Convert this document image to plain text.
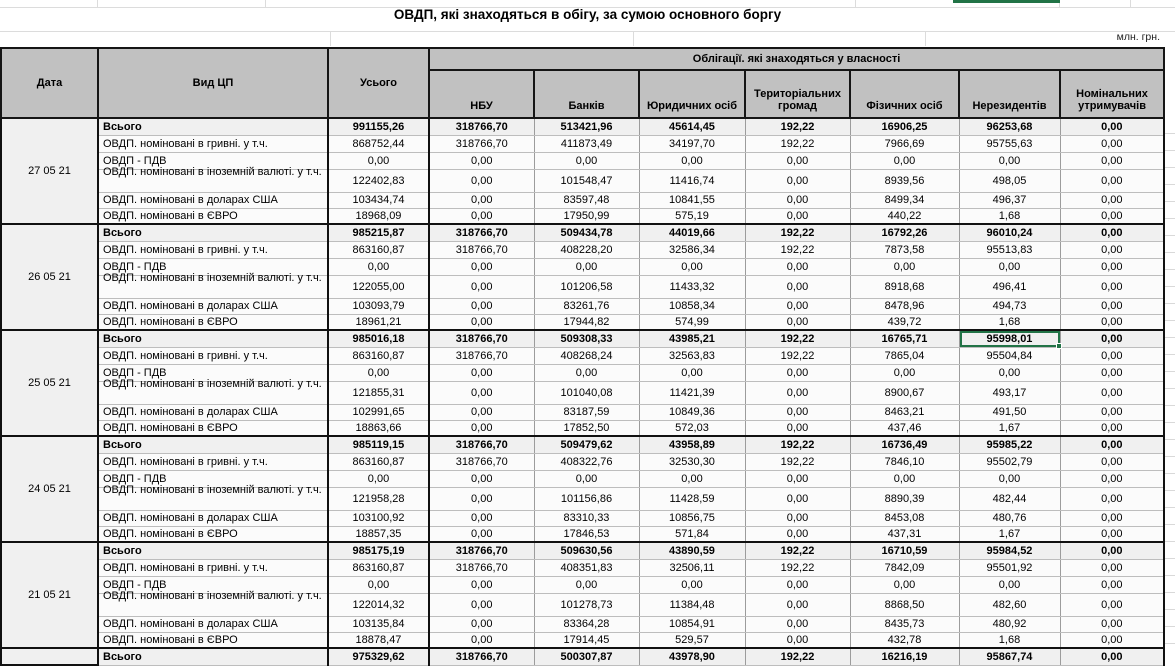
ОВДП, які знаходяться в обігу, за сумою основного боргу
млн. грн.
Дата	Вид ЦП	Усього	Облігації. які знаходяться у власності						
			НБУ	Банків	Юридичних осіб	Територіальних громад	Фізичних осіб	Нерезидентів	Номінальних утримувачів
27 05 21	Всього	991155,26	318766,70	513421,96	45614,45	192,22	16906,25	96253,68	0,00
	ОВДП. номіновані в гривні. у т.ч.	868752,44	318766,70	411873,49	34197,70	192,22	7966,69	95755,63	0,00
	ОВДП - ПДВ	0,00	0,00	0,00	0,00	0,00	0,00	0,00	0,00

	ОВДП. номіновані в іноземній валюті. у т.ч.	122402,83	0,00	101548,47	11416,74	0,00	8939,56	498,05	0,00
	ОВДП. номіновані в доларах США	103434,74	0,00	83597,48	10841,55	0,00	8499,34	496,37	0,00
	ОВДП. номіновані в ЄВРО	18968,09	0,00	17950,99	575,19	0,00	440,22	1,68	0,00
26 05 21	Всього	985215,87	318766,70	509434,78	44019,66	192,22	16792,26	96010,24	0,00
	ОВДП. номіновані в гривні. у т.ч.	863160,87	318766,70	408228,20	32586,34	192,22	7873,58	95513,83	0,00
	ОВДП - ПДВ	0,00	0,00	0,00	0,00	0,00	0,00	0,00	0,00

	ОВДП. номіновані в іноземній валюті. у т.ч.	122055,00	0,00	101206,58	11433,32	0,00	8918,68	496,41	0,00
	ОВДП. номіновані в доларах США	103093,79	0,00	83261,76	10858,34	0,00	8478,96	494,73	0,00
	ОВДП. номіновані в ЄВРО	18961,21	0,00	17944,82	574,99	0,00	439,72	1,68	0,00
25 05 21	Всього	985016,18	318766,70	509308,33	43985,21	192,22	16765,71	95998,01	0,00
	ОВДП. номіновані в гривні. у т.ч.	863160,87	318766,70	408268,24	32563,83	192,22	7865,04	95504,84	0,00
	ОВДП - ПДВ	0,00	0,00	0,00	0,00	0,00	0,00	0,00	0,00

	ОВДП. номіновані в іноземній валюті. у т.ч.	121855,31	0,00	101040,08	11421,39	0,00	8900,67	493,17	0,00
	ОВДП. номіновані в доларах США	102991,65	0,00	83187,59	10849,36	0,00	8463,21	491,50	0,00
	ОВДП. номіновані в ЄВРО	18863,66	0,00	17852,50	572,03	0,00	437,46	1,67	0,00
24 05 21	Всього	985119,15	318766,70	509479,62	43958,89	192,22	16736,49	95985,22	0,00
	ОВДП. номіновані в гривні. у т.ч.	863160,87	318766,70	408322,76	32530,30	192,22	7846,10	95502,79	0,00
	ОВДП - ПДВ	0,00	0,00	0,00	0,00	0,00	0,00	0,00	0,00

	ОВДП. номіновані в іноземній валюті. у т.ч.	121958,28	0,00	101156,86	11428,59	0,00	8890,39	482,44	0,00
	ОВДП. номіновані в доларах США	103100,92	0,00	83310,33	10856,75	0,00	8453,08	480,76	0,00
	ОВДП. номіновані в ЄВРО	18857,35	0,00	17846,53	571,84	0,00	437,31	1,67	0,00
21 05 21	Всього	985175,19	318766,70	509630,56	43890,59	192,22	16710,59	95984,52	0,00
	ОВДП. номіновані в гривні. у т.ч.	863160,87	318766,70	408351,83	32506,11	192,22	7842,09	95501,92	0,00
	ОВДП - ПДВ	0,00	0,00	0,00	0,00	0,00	0,00	0,00	0,00

	ОВДП. номіновані в іноземній валюті. у т.ч.	122014,32	0,00	101278,73	11384,48	0,00	8868,50	482,60	0,00
	ОВДП. номіновані в доларах США	103135,84	0,00	83364,28	10854,91	0,00	8435,73	480,92	0,00
	ОВДП. номіновані в ЄВРО	18878,47	0,00	17914,45	529,57	0,00	432,78	1,68	0,00
	Всього	975329,62	318766,70	500307,87	43978,90	192,22	16216,19	95867,74	0,00
